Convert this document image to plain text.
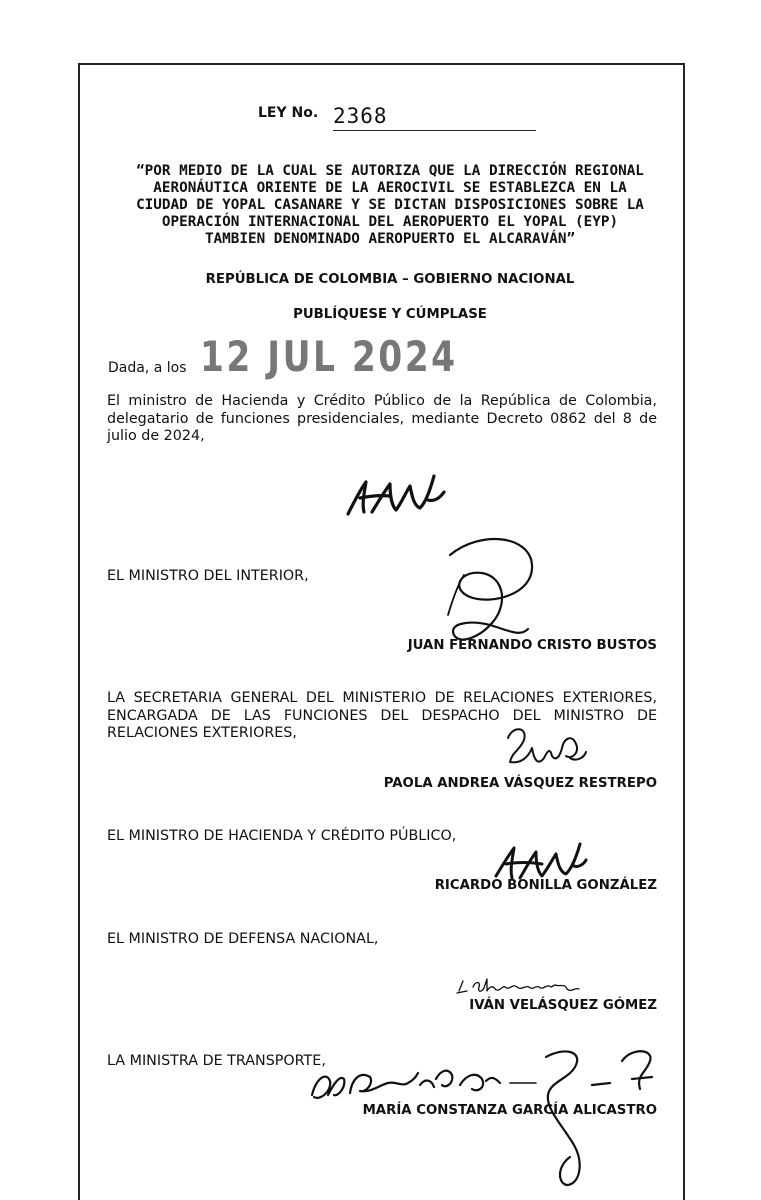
LEY No. 2368

“POR MEDIO DE LA CUAL SE AUTORIZA QUE LA DIRECCIÓN REGIONAL AERONÁUTICA ORIENTE DE LA AEROCIVIL SE ESTABLEZCA EN LA CIUDAD DE YOPAL CASANARE Y SE DICTAN DISPOSICIONES SOBRE LA OPERACIÓN INTERNACIONAL DEL AEROPUERTO EL YOPAL (EYP) TAMBIEN DENOMINADO AEROPUERTO EL ALCARAVÁN”

REPÚBLICA DE COLOMBIA – GOBIERNO NACIONAL
PUBLÍQUESE Y CÚMPLASE
Dada, a los 12 JUL 2024

El ministro de Hacienda y Crédito Público de la República de Colombia, delegatario de funciones presidenciales, mediante Decreto 0862 del 8 de julio de 2024,

EL MINISTRO DEL INTERIOR,
JUAN FERNANDO CRISTO BUSTOS

LA SECRETARIA GENERAL DEL MINISTERIO DE RELACIONES EXTERIORES, ENCARGADA DE LAS FUNCIONES DEL DESPACHO DEL MINISTRO DE RELACIONES EXTERIORES,

PAOLA ANDREA VÁSQUEZ RESTREPO
EL MINISTRO DE HACIENDA Y CRÉDITO PÚBLICO,
RICARDO BONILLA GONZÁLEZ
EL MINISTRO DE DEFENSA NACIONAL,
IVÁN VELÁSQUEZ GÓMEZ
LA MINISTRA DE TRANSPORTE,
MARÍA CONSTANZA GARCÍA ALICASTRO
